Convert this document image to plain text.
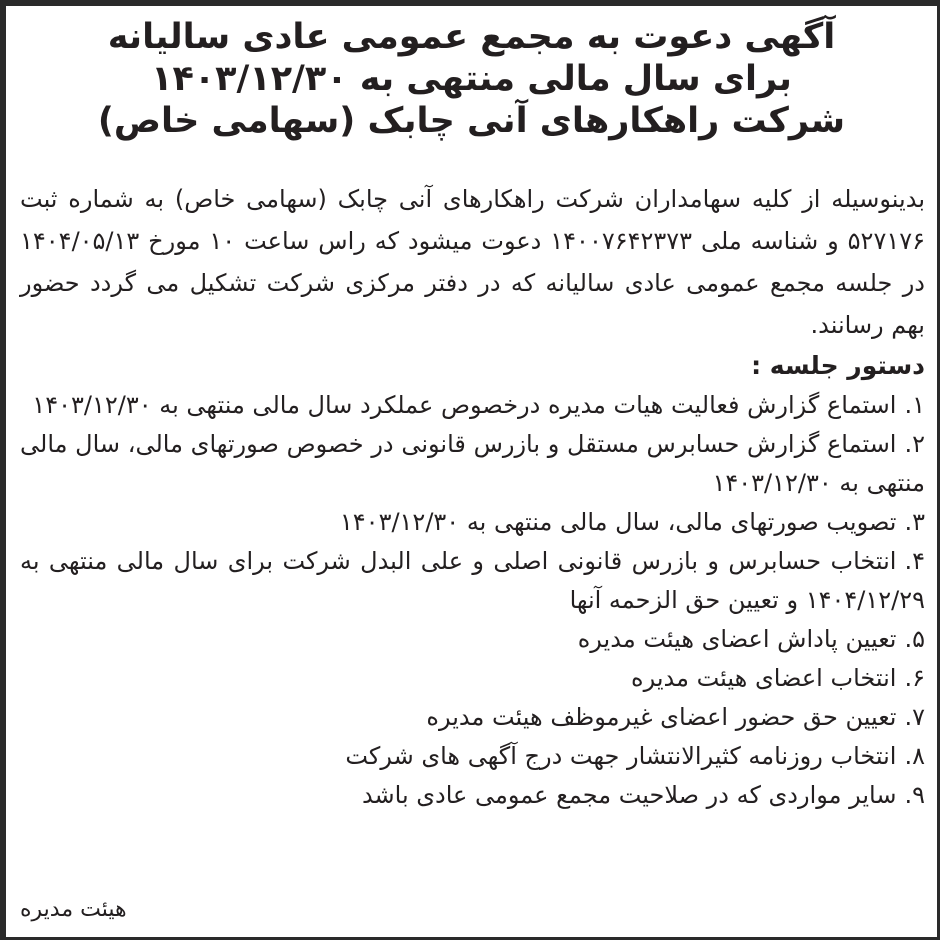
آگهی دعوت به مجمع عمومی عادی سالیانه
برای سال مالی منتهی به ۱۴۰۳/۱۲/۳۰
شرکت راهکارهای آنی چابک (سهامی خاص)

بدینوسیله از کلیه سهامداران شرکت راهکارهای آنی چابک (سهامی خاص) به شماره ثبت ۵۲۷۱۷۶ و شناسه ملی ۱۴۰۰۷۶۴۲۳۷۳ دعوت میشود که راس ساعت ۱۰ مورخ ۱۴۰۴/۰۵/۱۳ در جلسه مجمع عمومی عادی سالیانه که در دفتر مرکزی شرکت تشکیل می گردد حضور بهم رسانند.

دستور جلسه :
۱.استماع گزارش فعالیت هیات مدیره درخصوص عملکرد سال مالی منتهی به ۱۴۰۳/۱۲/۳۰
۲.استماع گزارش حسابرس مستقل و بازرس قانونی در خصوص صورتهای مالی، سال مالی منتهی به ۱۴۰۳/۱۲/۳۰
۳.تصویب صورتهای مالی، سال مالی منتهی به ۱۴۰۳/۱۲/۳۰
۴.انتخاب حسابرس و بازرس قانونی اصلی و علی البدل شرکت برای سال مالی منتهی به ۱۴۰۴/۱۲/۲۹ و تعیین حق الزحمه آنها
۵.تعیین پاداش اعضای هیئت مدیره
۶.انتخاب اعضای هیئت مدیره
۷.تعیین حق حضور اعضای غیرموظف هیئت مدیره
۸.انتخاب روزنامه کثیرالانتشار جهت درج آگهی های شرکت
۹.سایر مواردی که در صلاحیت مجمع عمومی عادی باشد
هیئت مدیره
